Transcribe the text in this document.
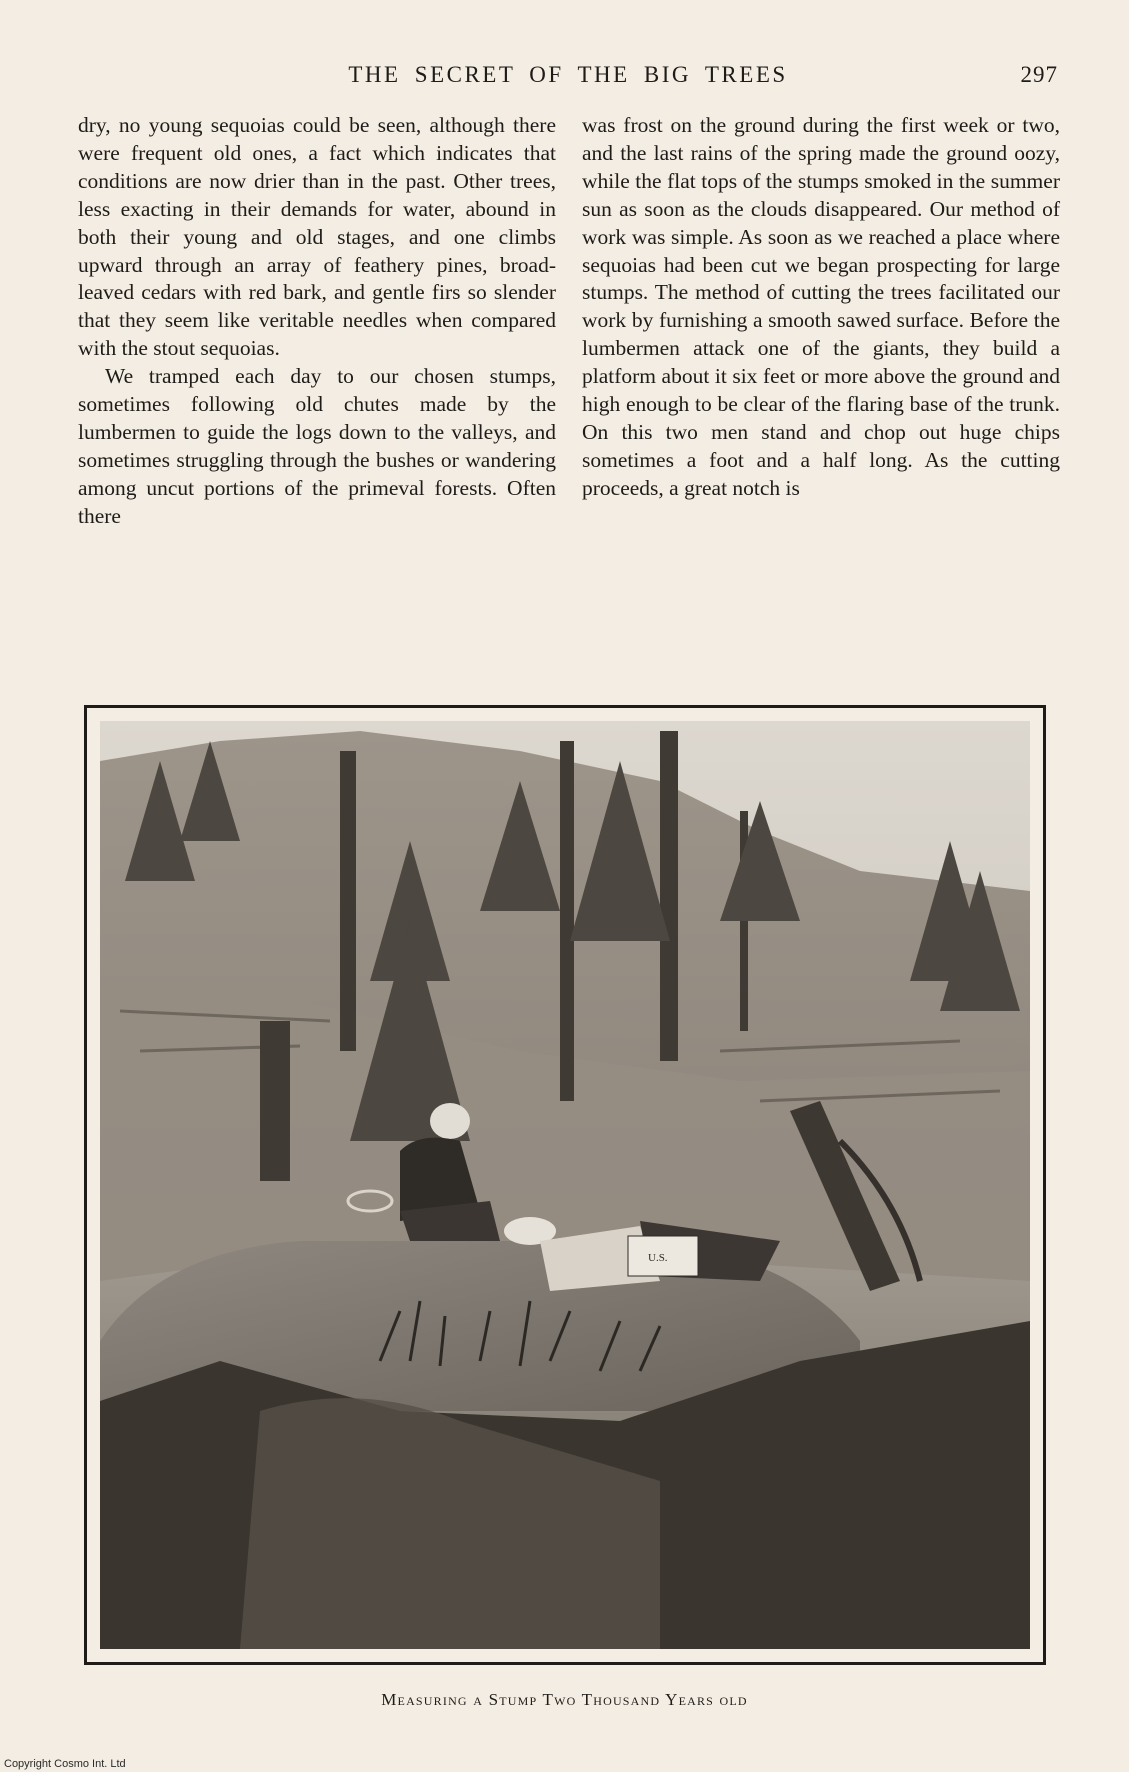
THE SECRET OF THE BIG TREES	297

dry, no young sequoias could be seen, although there were frequent old ones, a fact which indicates that conditions are now drier than in the past. Other trees, less exacting in their demands for water, abound in both their young and old stages, and one climbs upward through an array of feathery pines, broad-leaved cedars with red bark, and gentle firs so slender that they seem like veritable needles when compared with the stout sequoias.

We tramped each day to our chosen stumps, sometimes following old chutes made by the lumbermen to guide the logs down to the valleys, and sometimes struggling through the bushes or wandering among uncut portions of the primeval forests. Often there

was frost on the ground during the first week or two, and the last rains of the spring made the ground oozy, while the flat tops of the stumps smoked in the summer sun as soon as the clouds disappeared. Our method of work was simple. As soon as we reached a place where sequoias had been cut we began prospecting for large stumps. The method of cutting the trees facilitated our work by furnishing a smooth sawed surface. Before the lumbermen attack one of the giants, they build a platform about it six feet or more above the ground and high enough to be clear of the flaring base of the trunk. On this two men stand and chop out huge chips sometimes a foot and a half long. As the cutting proceeds, a great notch is

U.S.
Measuring a Stump Two Thousand Years old
Copyright Cosmo Int. Ltd
